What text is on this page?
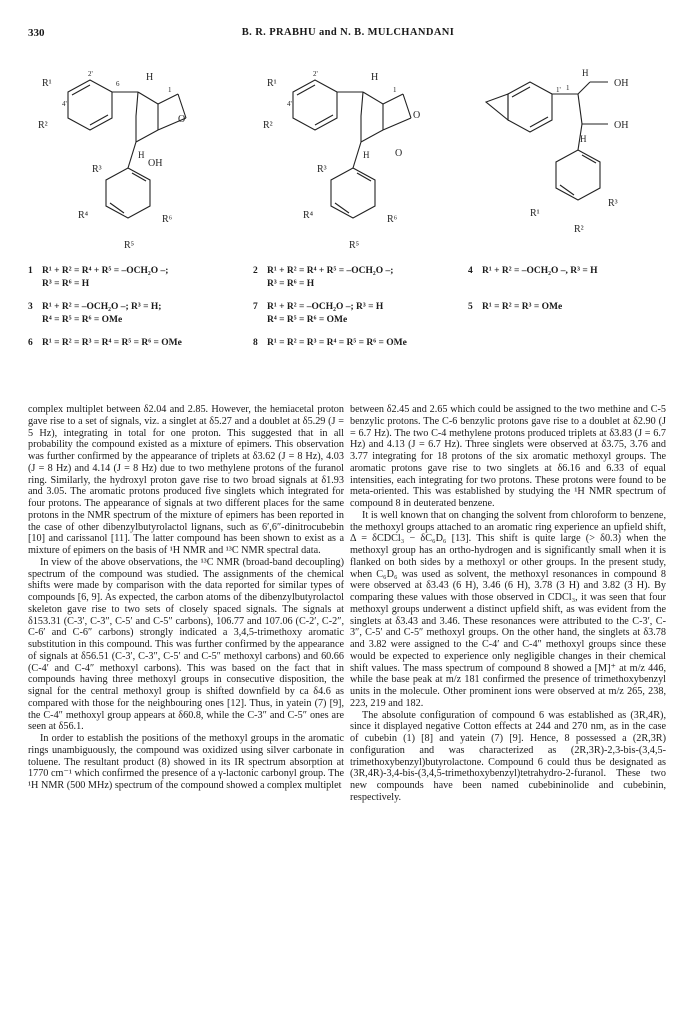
330	B. R. PRABHU and N. B. MULCHANDANI
R¹
R²
R³
R⁴
R⁵
R⁶
H
H
O
OH
2'
6
4'
1
R¹
R²
R³
R⁴
R⁵
R⁶
H
H
O
O
2'
4'
1
OH
OH
H
H
R¹
R³
R²
1' 1
1 R¹ + R² = R⁴ + R⁵ = –OCH₂O –;
R³ = R⁶ = H
3 R¹ + R² = –OCH₂O –; R³ = H;
R⁴ = R⁵ = R⁶ = OMe
6 R¹ = R² = R³ = R⁴ = R⁵ = R⁶ = OMe
2 R¹ + R² = R⁴ + R⁵ = –OCH₂O –;
R³ = R⁶ = H
7 R¹ + R² = –OCH₂O –; R³ = H
R⁴ = R⁵ = R⁶ = OMe
8 R¹ = R² = R³ = R⁴ = R⁵ = R⁶ = OMe
4 R¹ + R² = –OCH₂O –, R³ = H
5 R¹ = R² = R³ = OMe

complex multiplet between δ2.04 and 2.85. However, the hemiacetal proton gave rise to a set of signals, viz. a singlet at δ5.27 and a doublet at δ5.29 (J = 5 Hz), integrating in total for one proton. This suggested that in all probability the compound existed as a mixture of epimers. This observation was further confirmed by the appearance of triplets at δ3.62 (J = 8 Hz), 4.03 (J = 8 Hz) and 4.14 (J = 8 Hz) due to two methylene protons of the furanol ring. Similarly, the hydroxyl proton gave rise to two broad signals at δ1.93 and 3.05. The aromatic protons produced five singlets which integrated for four protons. The appearance of signals at two different places for the same protons in the NMR spectrum of the mixture of epimers has been reported in the case of other dibenzylbutyrolactol lignans, such as 6′,6″-dinitrocubebin [10] and carissanol [11]. The latter compound has been shown to exist as a mixture of epimers on the basis of ¹H NMR and ¹³C NMR spectral data.

In view of the above observations, the ¹³C NMR (broad-band decoupling) spectrum of the compound was studied. The assignments of the chemical shifts were made by comparison with the data reported for similar types of compounds [6, 9]. As expected, the carbon atoms of the dibenzylbutyrolactol skeleton gave rise to two sets of closely spaced signals. The signals at δ153.31 (C-3′, C-3″, C-5′ and C-5″ carbons), 106.77 and 107.06 (C-2′, C-2″, C-6′ and C-6″ carbons) strongly indicated a 3,4,5-trimethoxy aromatic substitution in this compound. This was further confirmed by the appearance of signals at δ56.51 (C-3′, C-3″, C-5′ and C-5″ methoxyl carbons) and 60.66 (C-4′ and C-4″ methoxyl carbons). This was based on the fact that in compounds having three methoxyl groups in consecutive disposition, the signal for the central methoxyl group is shifted downfield by ca δ4.6 as compared with those for the neighbouring ones [12]. Thus, in yatein (7) [9], the C-4″ methoxyl group appears at δ60.8, while the C-3″ and C-5″ ones are seen at δ56.1.

In order to establish the positions of the methoxyl groups in the aromatic rings unambiguously, the compound was oxidized using silver carbonate in toluene. The resultant product (8) showed in its IR spectrum absorption at 1770 cm⁻¹ which confirmed the presence of a γ-lactonic carbonyl group. The ¹H NMR (500 MHz) spectrum of the compound showed a complex multiplet

between δ2.45 and 2.65 which could be assigned to the two methine and C-5 benzylic protons. The C-6 benzylic protons gave rise to a doublet at δ2.90 (J = 6.7 Hz). The two C-4 methylene protons produced triplets at δ3.83 (J = 6.7 Hz) and 4.13 (J = 6.7 Hz). Three singlets were observed at δ3.75, 3.76 and 3.77 integrating for 18 protons of the six aromatic methoxyl groups. The aromatic protons gave rise to two singlets at δ6.16 and 6.33 of equal intensities, each integrating for two protons. These protons were found to be meta-oriented. This was established by studying the ¹H NMR spectrum of compound 8 in deuterated benzene.

It is well known that on changing the solvent from chloroform to benzene, the methoxyl groups attached to an aromatic ring experience an upfield shift, Δ = δCDCl₃ − δC₆D₆ [13]. This shift is quite large (> δ0.3) when the methoxyl group has an ortho-hydrogen and is significantly small when it is flanked on both sides by a methoxyl or other groups. In the present study, when C₆D₆ was used as solvent, the methoxyl resonances in compound 8 were observed at δ3.43 (6 H), 3.46 (6 H), 3.78 (3 H) and 3.82 (3 H). By comparing these values with those observed in CDCl₃, it was seen that four methoxyl groups underwent a distinct upfield shift, as was evident from the singlets at δ3.43 and 3.46. These resonances were attributed to the C-3′, C-3″, C-5′ and C-5″ methoxyl groups. On the other hand, the singlets at δ3.78 and 3.82 were assigned to the C-4′ and C-4″ methoxyl groups since these would be expected to experience only negligible changes in their chemical shift values. The mass spectrum of compound 8 showed a [M]⁺ at m/z 446, while the base peak at m/z 181 confirmed the presence of trimethoxybenzyl units in the molecule. Other prominent ions were observed at m/z 265, 238, 223, 219 and 182.

The absolute configuration of compound 6 was established as (3R,4R), since it displayed negative Cotton effects at 244 and 270 nm, as in the case of cubebin (1) [8] and yatein (7) [9]. Hence, 8 possessed a (2R,3R) configuration and was characterized as (2R,3R)-2,3-bis-(3,4,5-trimethoxybenzyl)butyrolactone. Compound 6 could thus be designated as (3R,4R)-3,4-bis-(3,4,5-trimethoxybenzyl)tetrahydro-2-furanol. These two new compounds have been named cubebininolide and cubebinin, respectively.
